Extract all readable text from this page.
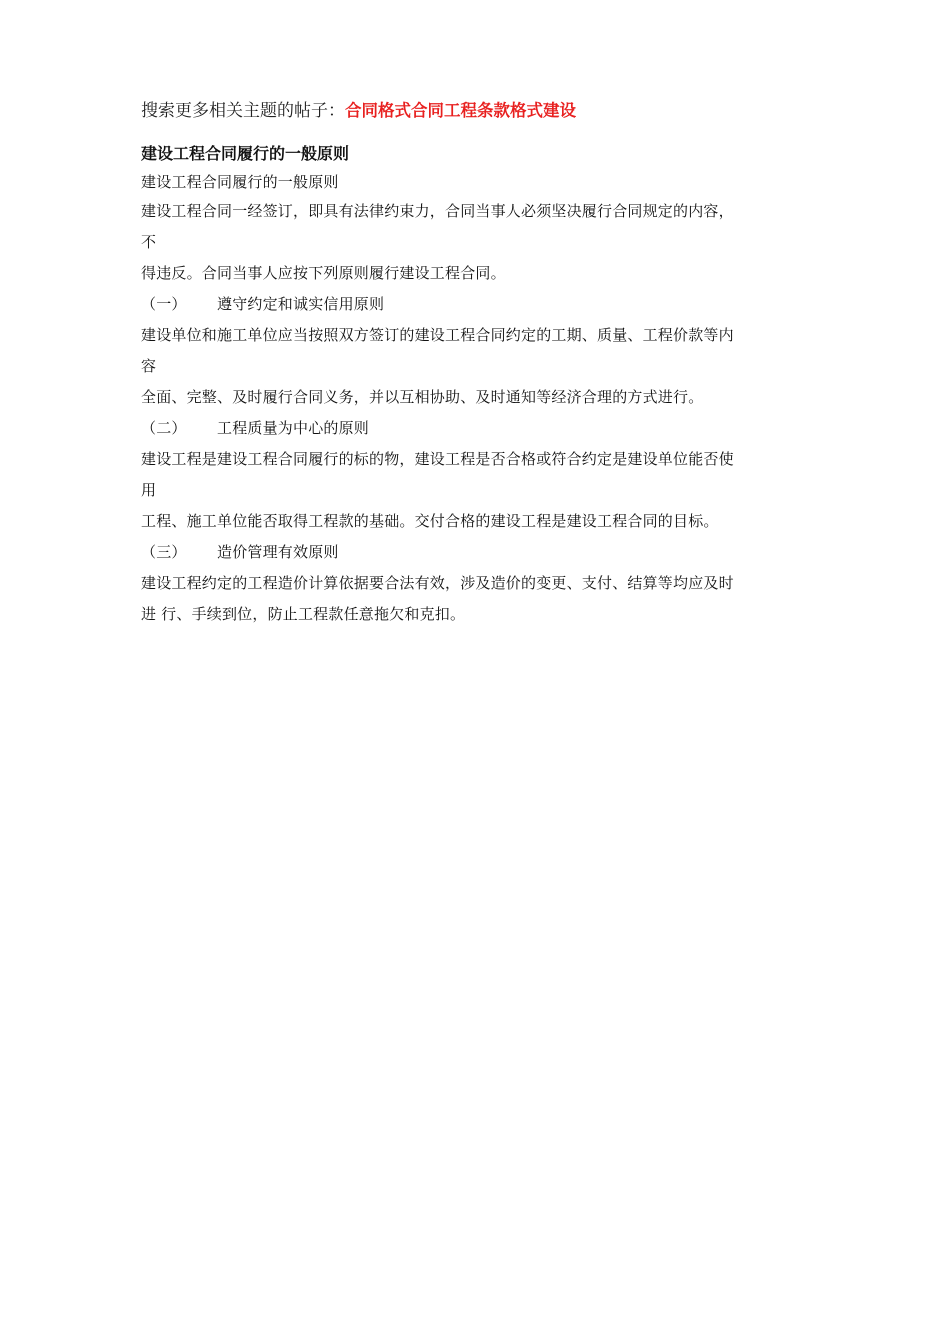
搜索更多相关主题的帖子：合同格式合同工程条款格式建设
建设工程合同履行的一般原则
建设工程合同履行的一般原则
建设工程合同一经签订，即具有法律约束力，合同当事人必须坚决履行合同规定的内容，
不
得违反。合同当事人应按下列原则履行建设工程合同。
（一） 遵守约定和诚实信用原则
建设单位和施工单位应当按照双方签订的建设工程合同约定的工期、质量、工程价款等内
容
全面、完整、及时履行合同义务，并以互相协助、及时通知等经济合理的方式进行。
（二） 工程质量为中心的原则
建设工程是建设工程合同履行的标的物，建设工程是否合格或符合约定是建设单位能否使
用
工程、施工单位能否取得工程款的基础。交付合格的建设工程是建设工程合同的目标。
（三） 造价管理有效原则
建设工程约定的工程造价计算依据要合法有效，涉及造价的变更、支付、结算等均应及时
进 行、手续到位，防止工程款任意拖欠和克扣。
